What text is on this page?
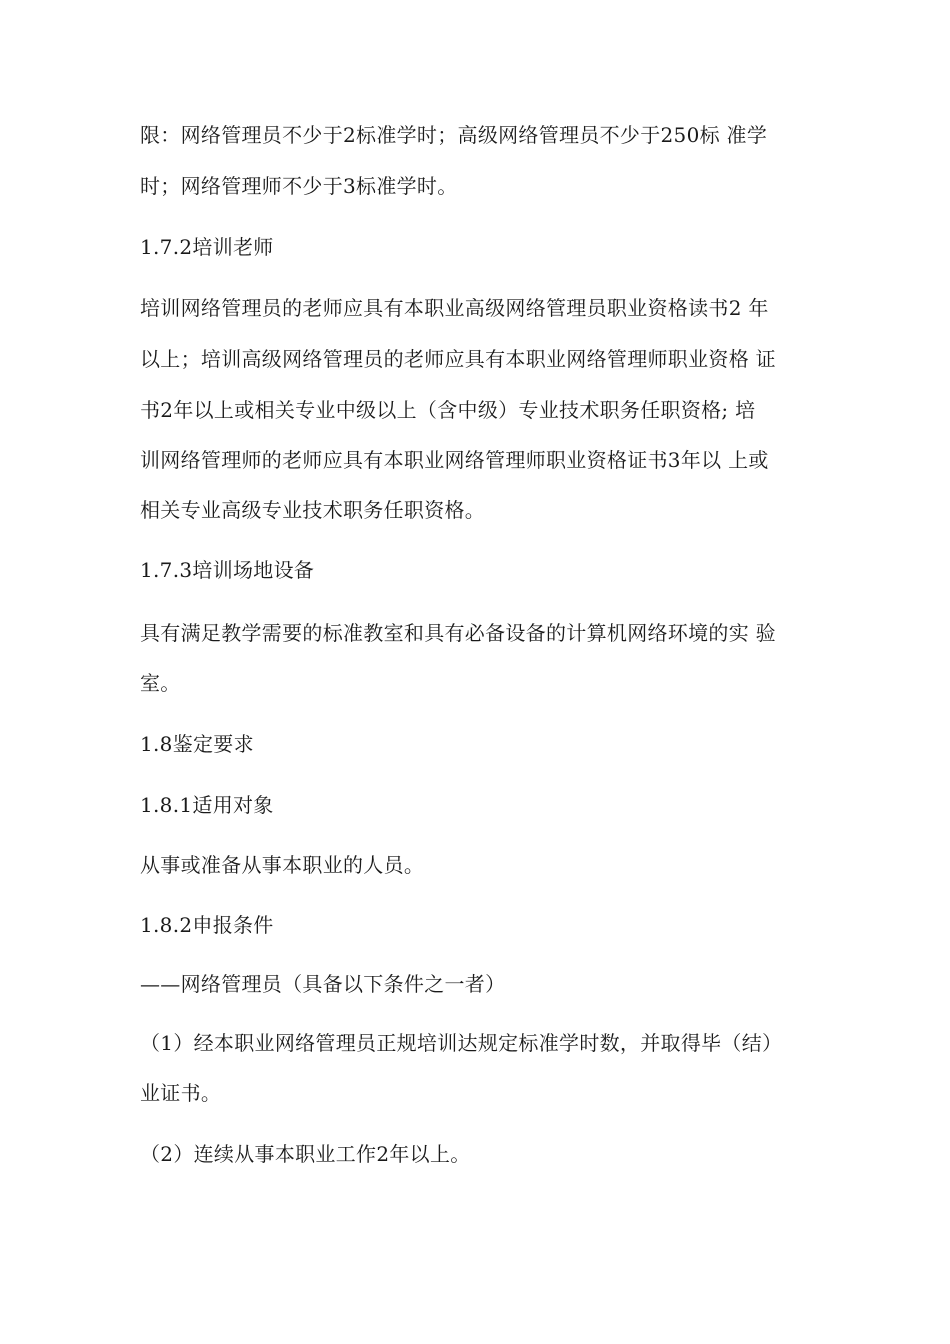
限：网络管理员不少于2标准学时；高级网络管理员不少于250标 准学
时；网络管理师不少于3标准学时。
1.7.2培训老师
培训网络管理员的老师应具有本职业高级网络管理员职业资格读书2 年
以上；培训高级网络管理员的老师应具有本职业网络管理师职业资格 证
书2年以上或相关专业中级以上（含中级）专业技术职务任职资格; 培
训网络管理师的老师应具有本职业网络管理师职业资格证书3年以 上或
相关专业高级专业技术职务任职资格。
1.7.3培训场地设备
具有满足教学需要的标准教室和具有必备设备的计算机网络环境的实 验
室。
1.8鉴定要求
1.8.1适用对象
从事或准备从事本职业的人员。
1.8.2申报条件
——网络管理员（具备以下条件之一者）
（1）经本职业网络管理员正规培训达规定标准学时数，并取得毕（结）
业证书。
（2）连续从事本职业工作2年以上。
